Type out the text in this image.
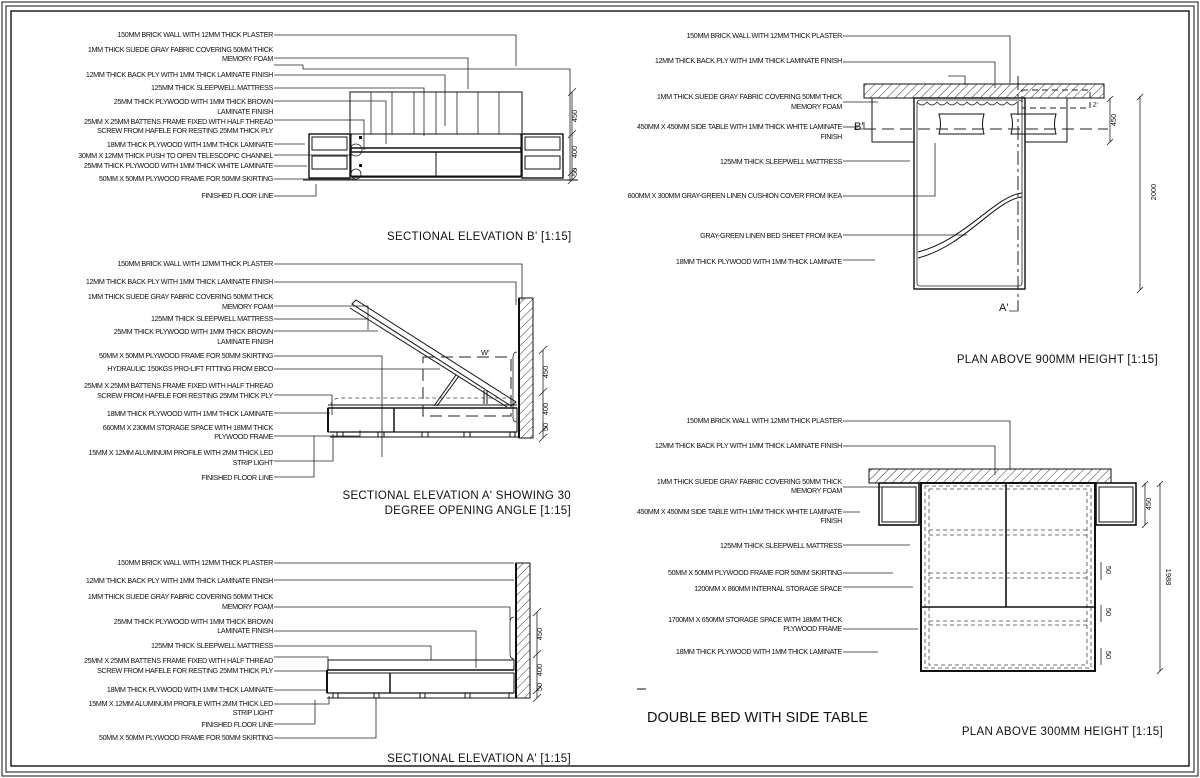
150MM BRICK WALL WITH 12MM THICK PLASTER
1MM THICK SUEDE GRAY FABRIC COVERING 50MM THICK
MEMORY FOAM
12MM THICK BACK PLY WITH 1MM THICK LAMINATE FINISH
125MM THICK SLEEPWELL MATTRESS
25MM THICK PLYWOOD WITH 1MM THICK BROWN
LAMINATE FINISH
25MM X 25MM BATTENS FRAME FIXED WITH HALF THREAD
SCREW FROM HAFELE FOR RESTING 25MM THICK PLY
18MM THICK PLYWOOD WITH 1MM THICK LAMINATE
30MM X 12MM THICK PUSH TO OPEN TELESCOPIC CHANNEL
25MM THICK PLYWOOD WITH 1MM THICK WHITE LAMINATE
50MM X 50MM PLYWOOD FRAME FOR 50MM SKIRTING
FINISHED FLOOR LINE
450
400
50
SECTIONAL ELEVATION B' [1:15]
150MM BRICK WALL WITH 12MM THICK PLASTER
12MM THICK BACK PLY WITH 1MM THICK LAMINATE FINISH
1MM THICK SUEDE GRAY FABRIC COVERING 50MM THICK
MEMORY FOAM
125MM THICK SLEEPWELL MATTRESS
25MM THICK PLYWOOD WITH 1MM THICK BROWN
LAMINATE FINISH
50MM X 50MM PLYWOOD FRAME FOR 50MM SKIRTING
HYDRAULIC 150KGS PRO-LIFT FITTING FROM EBCO
25MM X 25MM BATTENS FRAME FIXED WITH HALF THREAD
SCREW FROM HAFELE FOR RESTING 25MM THICK PLY
18MM THICK PLYWOOD WITH 1MM THICK LAMINATE
660MM X 230MM STORAGE SPACE WITH 18MM THICK
PLYWOOD FRAME
15MM X 12MM ALUMINUIM PROFILE WITH 2MM THICK LED
STRIP LIGHT
FINISHED FLOOR LINE
W'
450
400
50
SECTIONAL ELEVATION A' SHOWING 30
DEGREE OPENING ANGLE [1:15]
150MM BRICK WALL WITH 12MM THICK PLASTER
12MM THICK BACK PLY WITH 1MM THICK LAMINATE FINISH
1MM THICK SUEDE GRAY FABRIC COVERING 50MM THICK
MEMORY FOAM
25MM THICK PLYWOOD WITH 1MM THICK BROWN
LAMINATE FINISH
125MM THICK SLEEPWELL MATTRESS
25MM X 25MM BATTENS FRAME FIXED WITH HALF THREAD
SCREW FROM HAFELE FOR RESTING 25MM THICK PLY
18MM THICK PLYWOOD WITH 1MM THICK LAMINATE
15MM X 12MM ALUMINUIM PROFILE WITH 2MM THICK LED
STRIP LIGHT
FINISHED FLOOR LINE
50MM X 50MM PLYWOOD FRAME FOR 50MM SKIRTING
450
400
50
SECTIONAL ELEVATION A' [1:15]
150MM BRICK WALL WITH 12MM THICK PLASTER
12MM THICK BACK PLY WITH 1MM THICK LAMINATE FINISH
1MM THICK SUEDE GRAY FABRIC COVERING 50MM THICK
MEMORY FOAM
450MM X 450MM SIDE TABLE WITH 1MM THICK WHITE LAMINATE
FINISH
125MM THICK SLEEPWELL MATTRESS
600MM X 300MM GRAY-GREEN LINEN CUSHION COVER FROM IKEA
GRAY-GREEN LINEN BED SHEET FROM IKEA
18MM THICK PLYWOOD WITH 1MM THICK LAMINATE
B'
A'
Z'
450
2000
PLAN ABOVE 900MM HEIGHT [1:15]
150MM BRICK WALL WITH 12MM THICK PLASTER
12MM THICK BACK PLY WITH 1MM THICK LAMINATE FINISH
1MM THICK SUEDE GRAY FABRIC COVERING 50MM THICK
MEMORY FOAM
450MM X 450MM SIDE TABLE WITH 1MM THICK WHITE LAMINATE
FINISH
125MM THICK SLEEPWELL MATTRESS
50MM X 50MM PLYWOOD FRAME FOR 50MM SKIRTING
1200MM X 860MM INTERNAL STORAGE SPACE
1700MM X 650MM STORAGE SPACE WITH 18MM THICK
PLYWOOD FRAME
18MM THICK PLYWOOD WITH 1MM THICK LAMINATE
450
1988
50
50
50
DOUBLE BED WITH SIDE TABLE
PLAN ABOVE 300MM HEIGHT [1:15]
